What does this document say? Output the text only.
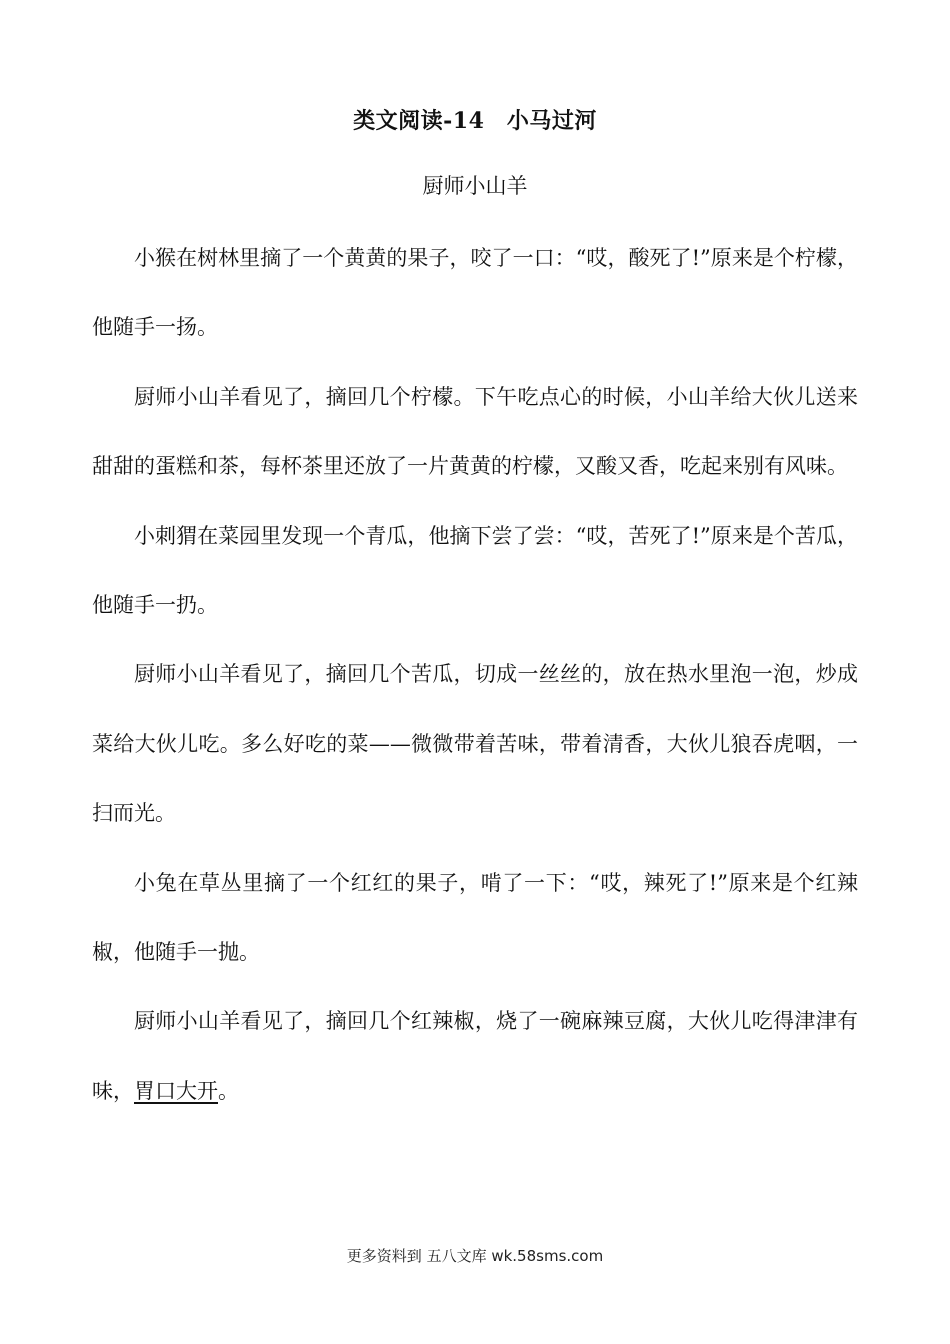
类文阅读-14　小马过河
厨师小山羊

小猴在树林里摘了一个黄黄的果子，咬了一口：“哎，酸死了!”原来是个柠檬，他随手一扬。

厨师小山羊看见了，摘回几个柠檬。下午吃点心的时候，小山羊给大伙儿送来甜甜的蛋糕和茶，每杯茶里还放了一片黄黄的柠檬，又酸又香，吃起来别有风味。

小刺猬在菜园里发现一个青瓜，他摘下尝了尝：“哎，苦死了!”原来是个苦瓜，他随手一扔。

厨师小山羊看见了，摘回几个苦瓜，切成一丝丝的，放在热水里泡一泡，炒成菜给大伙儿吃。多么好吃的菜——微微带着苦味，带着清香，大伙儿狼吞虎咽，一扫而光。

小兔在草丛里摘了一个红红的果子，啃了一下：“哎，辣死了!”原来是个红辣椒，他随手一抛。

厨师小山羊看见了，摘回几个红辣椒，烧了一碗麻辣豆腐，大伙儿吃得津津有味，胃口大开。

更多资料到 五八文库 wk.58sms.com
